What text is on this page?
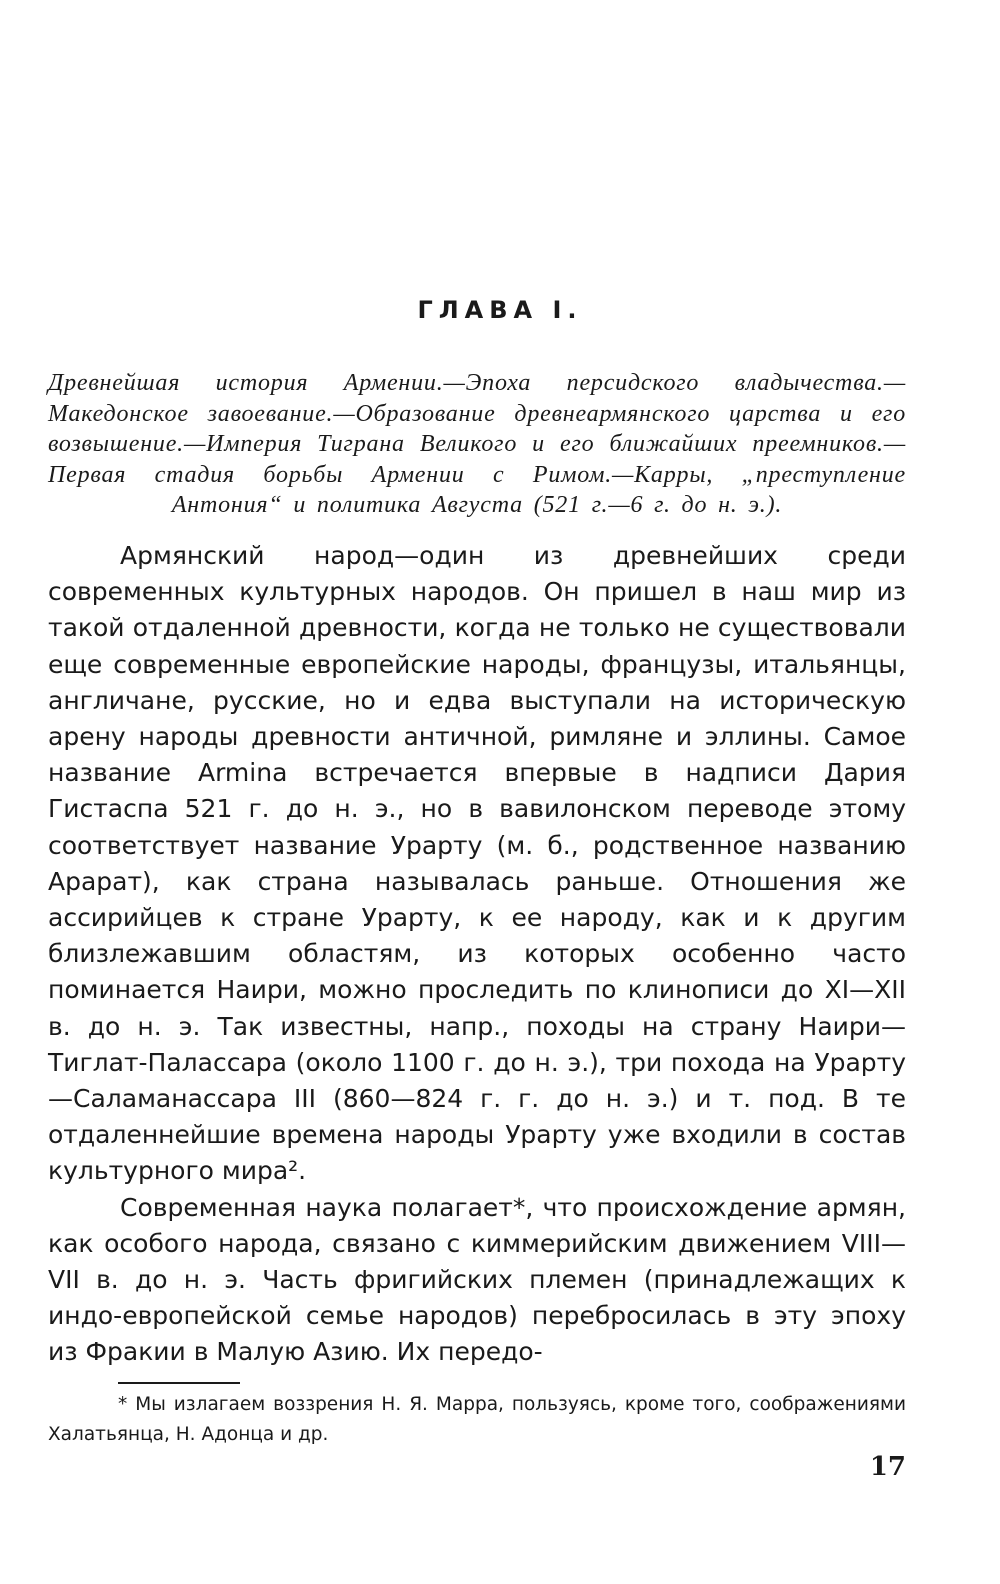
ГЛАВА I.
Древнейшая история Армении.—Эпоха персидского владычества.—Македонское завоевание.—Образование древнеармянского царства и его возвышение.—Империя Тиграна Великого и его ближайших преемников.—Первая стадия борьбы Армении с Римом.—Карры, „преступление Антония“ и политика Августа (521 г.—6 г. до н. э.).

Армянский народ—один из древнейших среди современных культурных народов. Он пришел в наш мир из такой отдаленной древности, когда не только не существовали еще современные европейские народы, французы, итальянцы, англичане, русские, но и едва выступали на историческую арену народы древности античной, римляне и эллины. Самое название Armina встречается впервые в надписи Дария Гистаспа 521 г. до н. э., но в вавилонском переводе этому соответствует название Урарту (м. б., родственное названию Арарат), как страна называлась раньше. Отношения же ассирийцев к стране Урарту, к ее народу, как и к другим близлежавшим областям, из которых особенно часто поминается Наири, можно проследить по клинописи до XI—XII в. до н. э. Так известны, напр., походы на страну Наири—Тиглат-Палассара (около 1100 г. до н. э.), три похода на Урарту—Саламанассара III (860—824 г. г. до н. э.) и т. под. В те отдаленнейшие времена народы Урарту уже входили в состав культурного мира².

Современная наука полагает*, что происхождение армян, как особого народа, связано с киммерийским движением VIII—VII в. до н. э. Часть фригийских племен (принадлежащих к индо-европейской семье народов) перебросилась в эту эпоху из Фракии в Малую Азию. Их передо-

* Мы излагаем воззрения Н. Я. Марра, пользуясь, кроме того, соображениями Халатьянца, Н. Адонца и др.
17
